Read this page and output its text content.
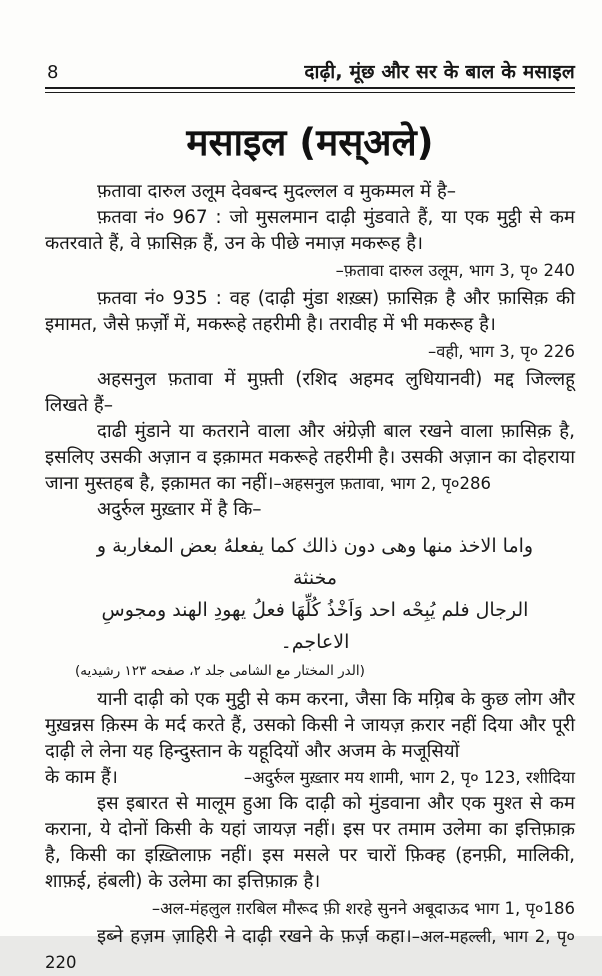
8	दाढ़ी, मूंछ और सर के बाल के मसाइल
मसाइल (मस्अले)

फ़तावा दारुल उलूम देवबन्द मुदल्लल व मुकम्मल में है–

फ़तवा नं० 967 : जो मुसलमान दाढ़ी मुंडवाते हैं, या एक मुट्ठी से कम कतरवाते हैं, वे फ़ासिक़ हैं, उन के पीछे नमाज़ मकरूह है।

–फ़तावा दारुल उलूम, भाग 3, पृ० 240

फ़तवा नं० 935 : वह (दाढ़ी मुंडा शख़्स) फ़ासिक़ है और फ़ासिक़ की इमामत, जैसे फ़र्ज़ों में, मकरूहे तहरीमी है। तरावीह में भी मकरूह है।

–वही, भाग 3, पृ० 226

अहसनुल फ़तावा में मुफ़्ती (रशिद अहमद लुधियानवी) मद्द जिल्लहू लिखते हैं–

दाढी मुंडाने या कतराने वाला और अंग्रेज़ी बाल रखने वाला फ़ासिक़ है, इसलिए उसकी अज़ान व इक़ामत मकरूहे तहरीमी है। उसकी अज़ान का दोहराया जाना मुस्तहब है, इक़ामत का नहीं।–अहसनुल फ़तावा, भाग 2, पृ०286

अदुर्रुल मुख़्तार में है कि–

واما الاخذ منها وهى دون ذالك كما يفعلهُ بعض المغاربة و مخنثة
الرجال فلم يُبِحْه احد وَاَخْذُ كُلِّهَا فعلُ يهودِ الهند ومجوسِ الاعاجم۔
(الدر المختار مع الشامى جلد ٢، صفحه ١٢٣ رشيديه)

यानी दाढ़ी को एक मुट्ठी से कम करना, जैसा कि मग़्रिब के कुछ लोग और मुख़न्नस क़िस्म के मर्द करते हैं, उसको किसी ने जायज़ क़रार नहीं दिया और पूरी दाढ़ी ले लेना यह हिन्दुस्तान के यहूदियों और अजम के मजूसियों

के काम हैं।	–अदुर्रुल मुख़्तार मय शामी, भाग 2, पृ० 123, रशीदिया

इस इबारत से मालूम हुआ कि दाढ़ी को मुंडवाना और एक मुश्त से कम कराना, ये दोनों किसी के यहां जायज़ नहीं। इस पर तमाम उलेमा का इत्तिफ़ाक़ है, किसी का इख़्तिलाफ़ नहीं। इस मसले पर चारों फ़िक्ह (हनफ़ी, मालिकी, शाफ़ई, हंबली) के उलेमा का इत्तिफ़ाक़ है।

–अल-मंहलुल ग़रबिल मौरूद फ़ी शरहे सुनने अबूदाऊद भाग 1, पृ०186

इब्ने हज़म ज़ाहिरी ने दाढ़ी रखने के फ़र्ज़ कहा।–अल-महल्ली, भाग 2, पृ० 220
